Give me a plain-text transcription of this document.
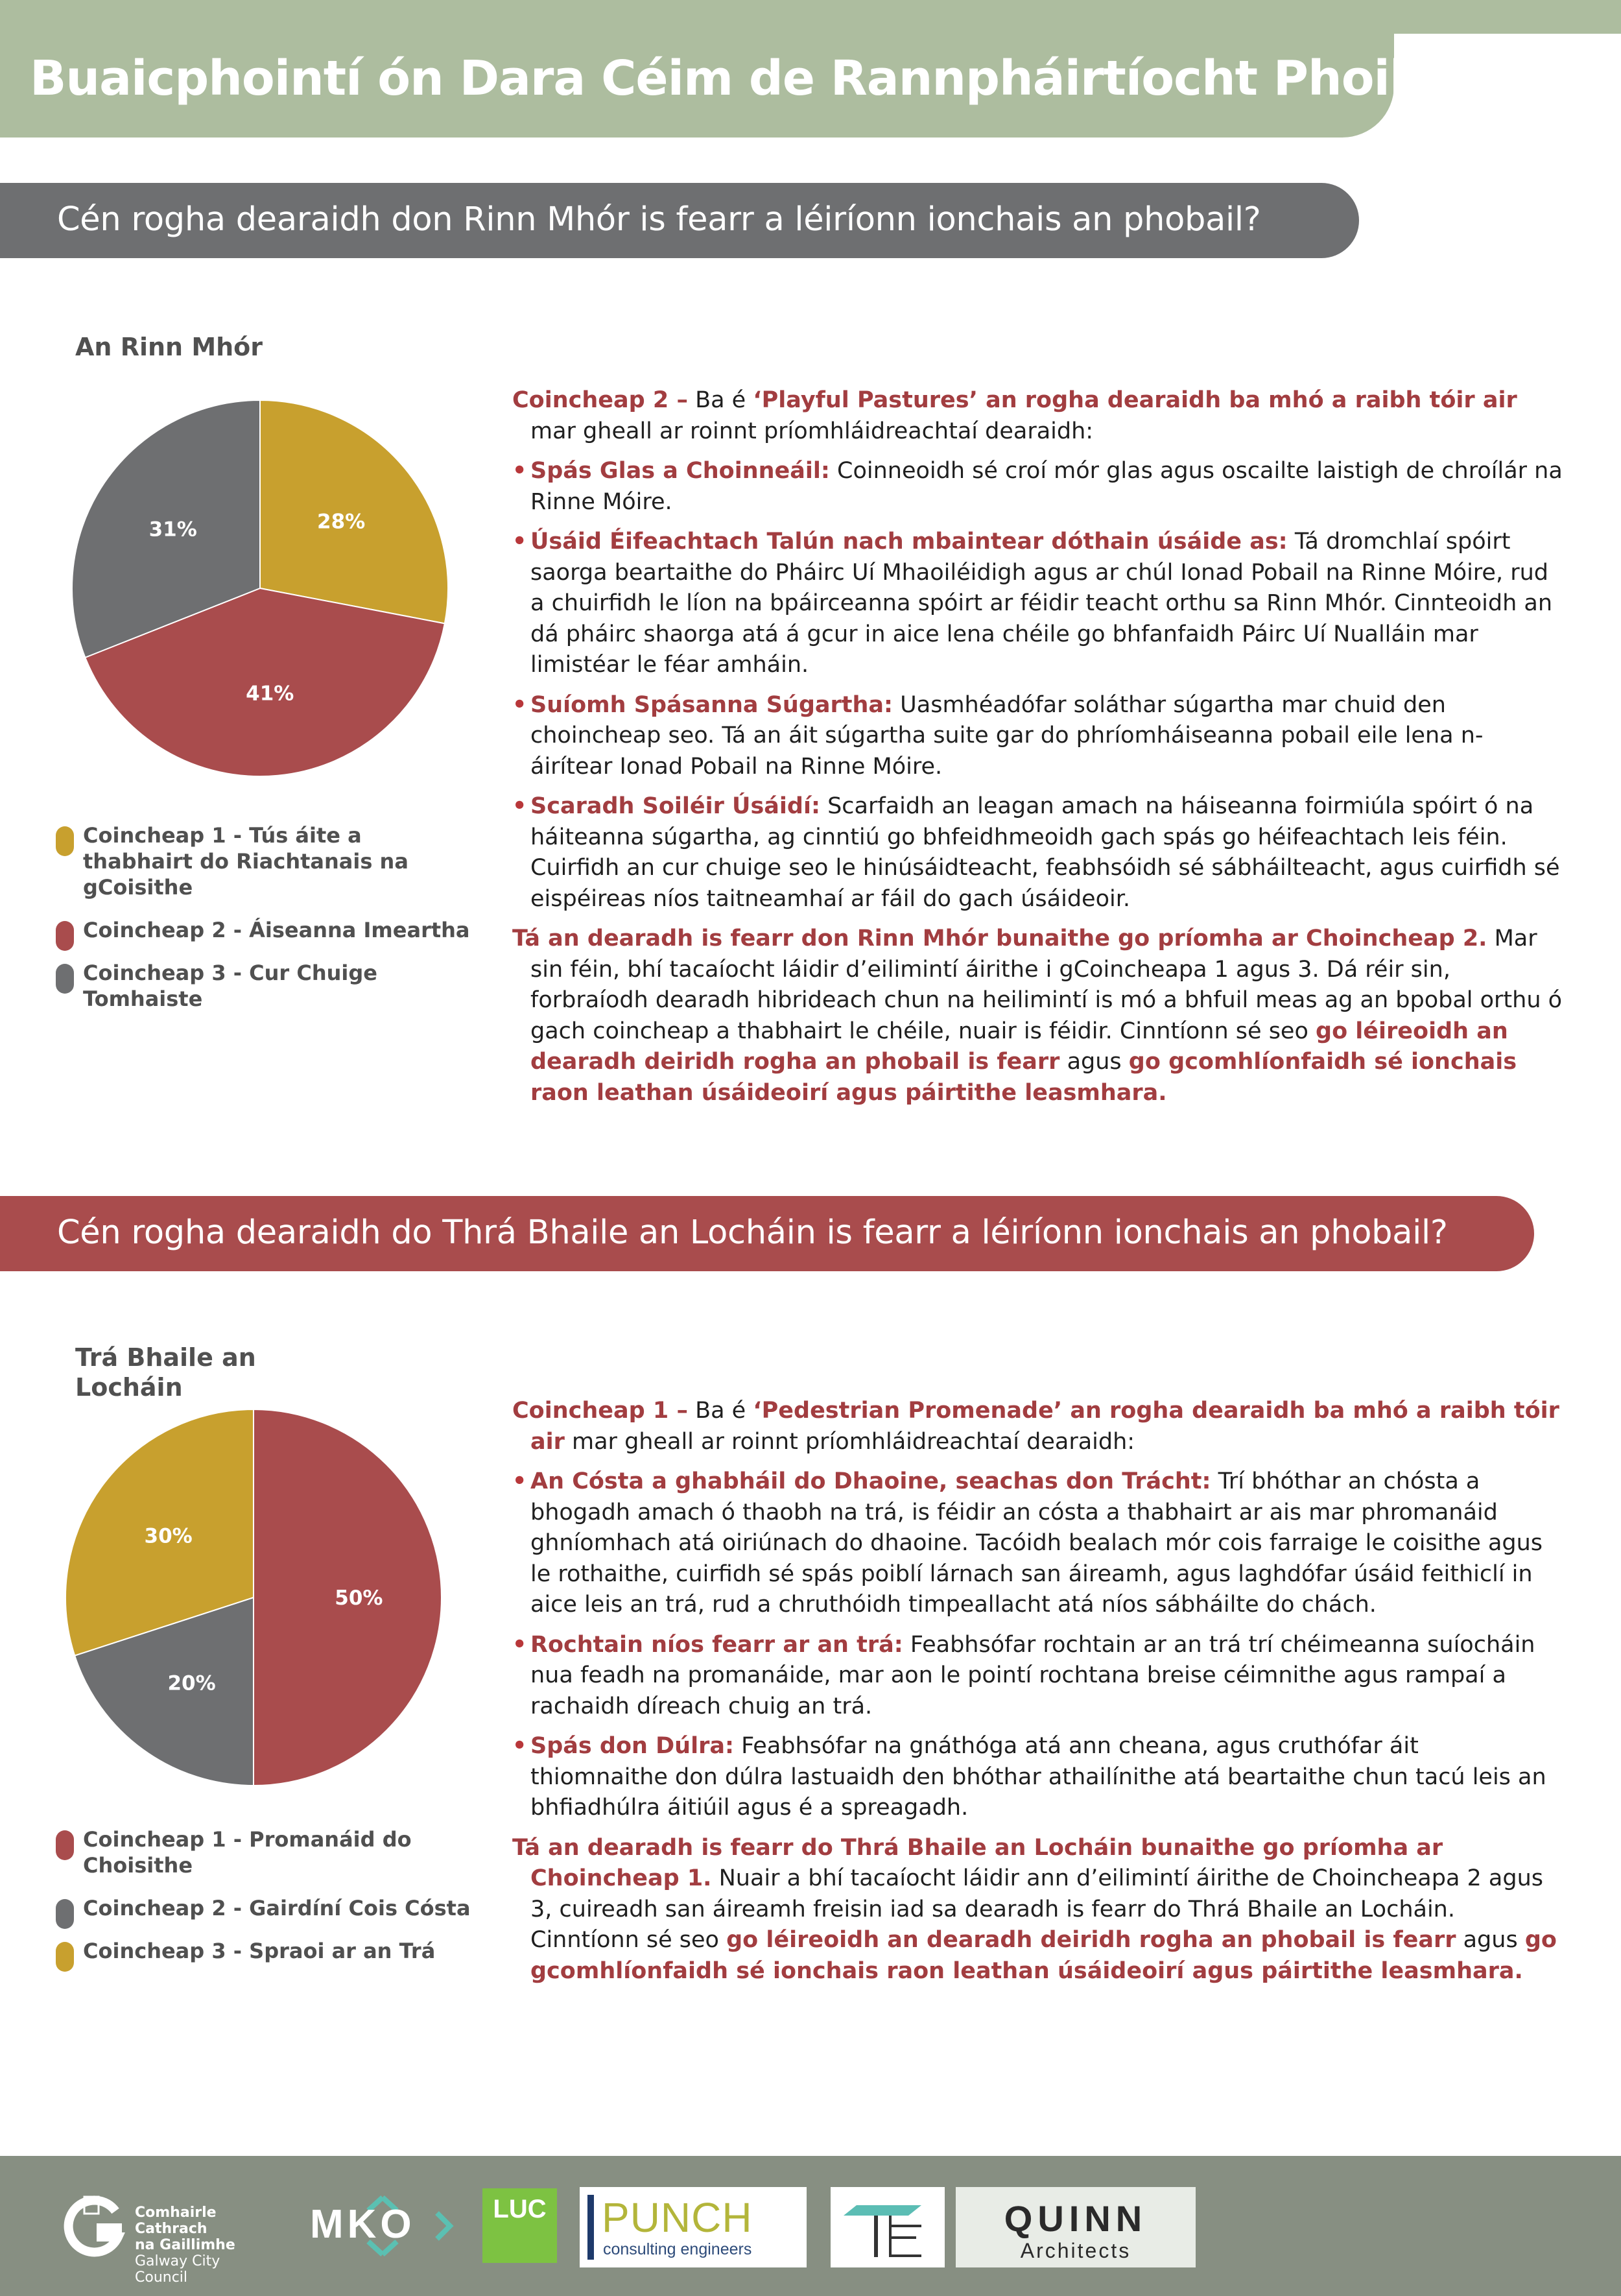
Buaicphointí ón Dara Céim de Rannpháirtíocht Phoiblí
Cén rogha dearaidh don Rinn Mhór is fearr a léiríonn ionchais an phobail?
An Rinn Mhór
28%
41%
31%
Coincheap 1 - Tús áite a thabhairt do Riachtanais na gCoisithe
Coincheap 2 - Áiseanna Imeartha
Coincheap 3 - Cur Chuige Tomhaiste

Coincheap 2 – Ba é ‘Playful Pastures’ an rogha dearaidh ba mhó a raibh tóir air mar gheall ar roinnt príomhláidreachtaí dearaidh:

• Spás Glas a Choinneáil: Coinneoidh sé croí mór glas agus oscailte laistigh de chroílár na Rinne Móire.
• Úsáid Éifeachtach Talún nach mbaintear dóthain úsáide as: Tá dromchlaí spóirt saorga beartaithe do Pháirc Uí Mhaoiléidigh agus ar chúl Ionad Pobail na Rinne Móire, rud a chuirfidh le líon na bpáirceanna spóirt ar féidir teacht orthu sa Rinn Mhór. Cinnteoidh an dá pháirc shaorga atá á gcur in aice lena chéile go bhfanfaidh Páirc Uí Nualláin mar limistéar le féar amháin.
• Suíomh Spásanna Súgartha: Uasmhéadófar soláthar súgartha mar chuid den choincheap seo. Tá an áit súgartha suite gar do phríomháiseanna pobail eile lena n-áirítear Ionad Pobail na Rinne Móire.
• Scaradh Soiléir Úsáidí: Scarfaidh an leagan amach na háiseanna foirmiúla spóirt ó na háiteanna súgartha, ag cinntiú go bhfeidhmeoidh gach spás go héifeachtach leis féin. Cuirfidh an cur chuige seo le hinúsáidteacht, feabhsóidh sé sábháilteacht, agus cuirfidh sé eispéireas níos taitneamhaí ar fáil do gach úsáideoir.

Tá an dearadh is fearr don Rinn Mhór bunaithe go príomha ar Choincheap 2. Mar sin féin, bhí tacaíocht láidir d’eilimintí áirithe i gCoincheapa 1 agus 3. Dá réir sin, forbraíodh dearadh hibrideach chun na heilimintí is mó a bhfuil meas ag an bpobal orthu ó gach coincheap a thabhairt le chéile, nuair is féidir. Cinntíonn sé seo go léireoidh an dearadh deiridh rogha an phobail is fearr agus go gcomhlíonfaidh sé ionchais raon leathan úsáideoirí agus páirtithe leasmhara.

Cén rogha dearaidh do Thrá Bhaile an Locháin is fearr a léiríonn ionchais an phobail?
Trá Bhaile an Locháin
50%
20%
30%
Coincheap 1 - Promanáid do Choisithe
Coincheap 2 - Gairdíní Cois Cósta
Coincheap 3 - Spraoi ar an Trá

Coincheap 1 – Ba é ‘Pedestrian Promenade’ an rogha dearaidh ba mhó a raibh tóir air mar gheall ar roinnt príomhláidreachtaí dearaidh:

• An Cósta a ghabháil do Dhaoine, seachas don Trácht: Trí bhóthar an chósta a bhogadh amach ó thaobh na trá, is féidir an cósta a thabhairt ar ais mar phromanáid ghníomhach atá oiriúnach do dhaoine. Tacóidh bealach mór cois farraige le coisithe agus le rothaithe, cuirfidh sé spás poiblí lárnach san áireamh, agus laghdófar úsáid feithiclí in aice leis an trá, rud a chruthóidh timpeallacht atá níos sábháilte do chách.
• Rochtain níos fearr ar an trá: Feabhsófar rochtain ar an trá trí chéimeanna suíocháin nua feadh na promanáide, mar aon le pointí rochtana breise céimnithe agus rampaí a rachaidh díreach chuig an trá.
• Spás don Dúlra: Feabhsófar na gnáthóga atá ann cheana, agus cruthófar áit thiomnaithe don dúlra lastuaidh den bhóthar athailínithe atá beartaithe chun tacú leis an bhfiadhúlra áitiúil agus é a spreagadh.

Tá an dearadh is fearr do Thrá Bhaile an Locháin bunaithe go príomha ar Choincheap 1. Nuair a bhí tacaíocht láidir ann d’eilimintí áirithe de Choincheapa 2 agus 3, cuireadh san áireamh freisin iad sa dearadh is fearr do Thrá Bhaile an Locháin. Cinntíonn sé seo go léireoidh an dearadh deiridh rogha an phobail is fearr agus go gcomhlíonfaidh sé ionchais raon leathan úsáideoirí agus páirtithe leasmhara.

Comhairle Cathrach
na Gaillimhe
Galway City Council
MKO	LUC PUNCH
consulting engineers
QUINN
Architects
